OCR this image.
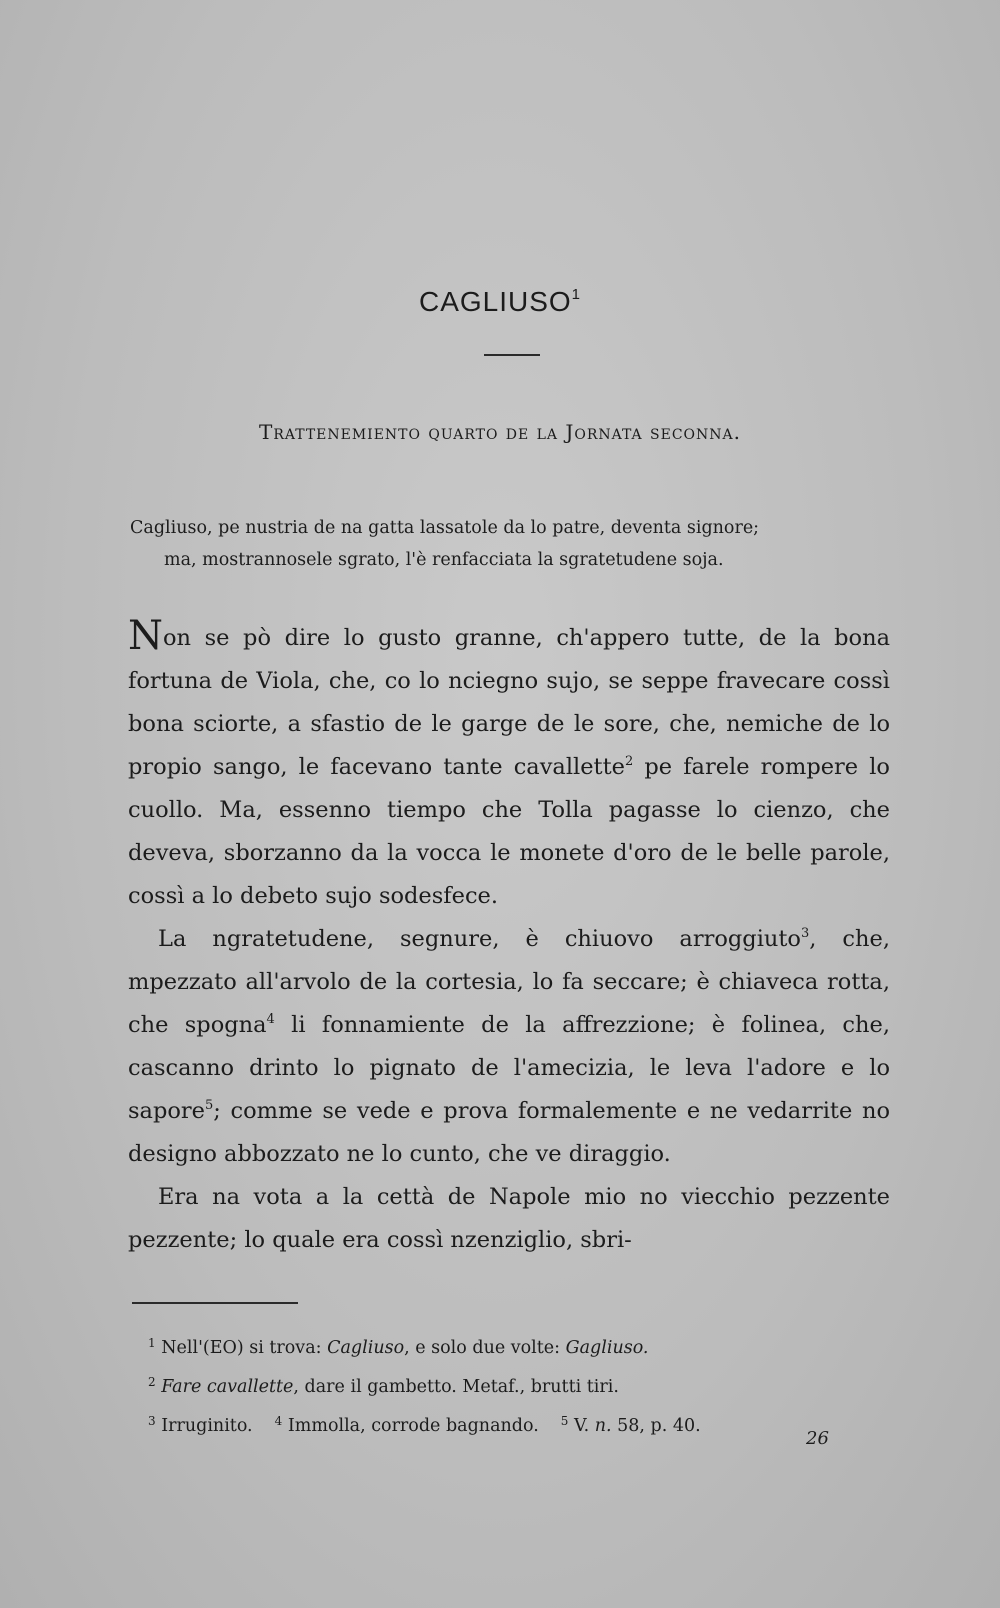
CAGLIUSO$^1$
Trattenemiento quarto de la Jornata seconna.
Cagliuso, pe nustria de na gatta lassatole da lo patre, deventa signore;
ma, mostrannosele sgrato, l'è renfacciata la sgratetudene soja.

Non se pò dire lo gusto granne, ch'appero tutte, de la bona fortuna de Viola, che, co lo nciegno sujo, se seppe fravecare cossì bona sciorte, a sfastio de le garge de le sore, che, nemiche de lo propio sango, le facevano tante cavallette$^2$ pe farele rompere lo cuollo. Ma, essenno tiempo che Tolla pagasse lo cienzo, che deveva, sborzanno da la vocca le monete d'oro de le belle parole, cossì a lo debeto sujo sodesfece.

La ngratetudene, segnure, è chiuovo arroggiuto$^3$, che, mpezzato all'arvolo de la cortesia, lo fa seccare; è chiaveca rotta, che spogna$^4$ li fonnamiente de la affrezzione; è folinea, che, cascanno drinto lo pignato de l'amecizia, le leva l'adore e lo sapore$^5$; comme se vede e prova formalemente e ne vedarrite no designo abbozzato ne lo cunto, che ve diraggio.

Era na vota a la cettà de Napole mio no viecchio pezzente pezzente; lo quale era cossì nzenziglio, sbri-

$^1$ Nell'(EO) si trova: Cagliuso, e solo due volte: Gagliuso.
$^2$ Fare cavallette, dare il gambetto. Metaf., brutti tiri.
$^3$ Irruginito. $^4$ Immolla, corrode bagnando. $^5$ V. n. 58, p. 40.
26
